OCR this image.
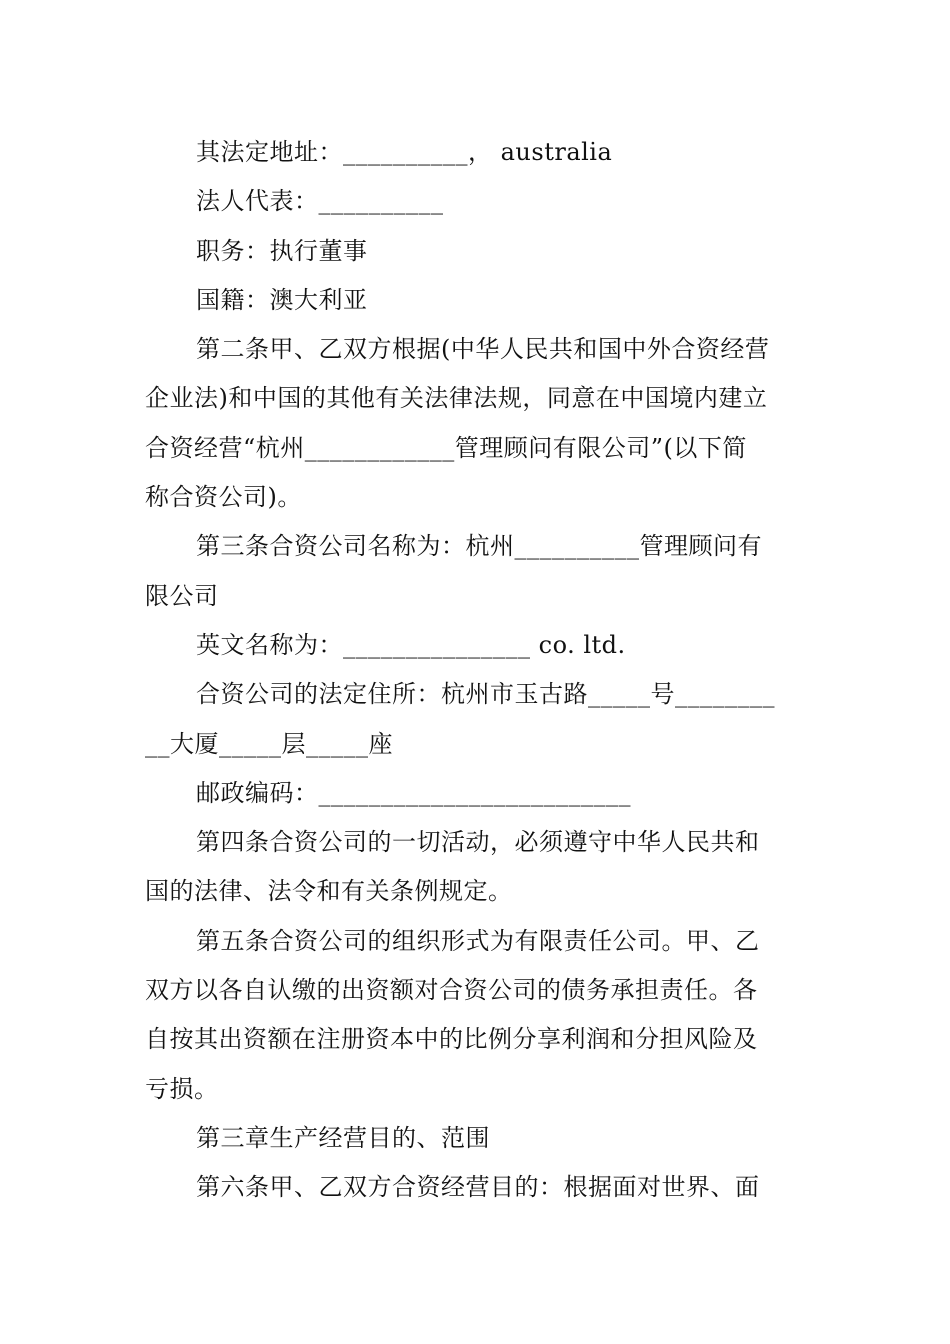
其法定地址：__________， australia
法人代表：__________
职务：执行董事
国籍：澳大利亚
第二条甲、乙双方根据(中华人民共和国中外合资经营
企业法)和中国的其他有关法律法规，同意在中国境内建立
合资经营“杭州____________管理顾问有限公司”(以下简
称合资公司)。
第三条合资公司名称为：杭州__________管理顾问有
限公司
英文名称为：_______________ co. ltd.
合资公司的法定住所：杭州市玉古路_____号________
__大厦_____层_____座
邮政编码：_________________________
第四条合资公司的一切活动，必须遵守中华人民共和
国的法律、法令和有关条例规定。
第五条合资公司的组织形式为有限责任公司。甲、乙
双方以各自认缴的出资额对合资公司的债务承担责任。各
自按其出资额在注册资本中的比例分享利润和分担风险及
亏损。
第三章生产经营目的、范围
第六条甲、乙双方合资经营目的：根据面对世界、面
